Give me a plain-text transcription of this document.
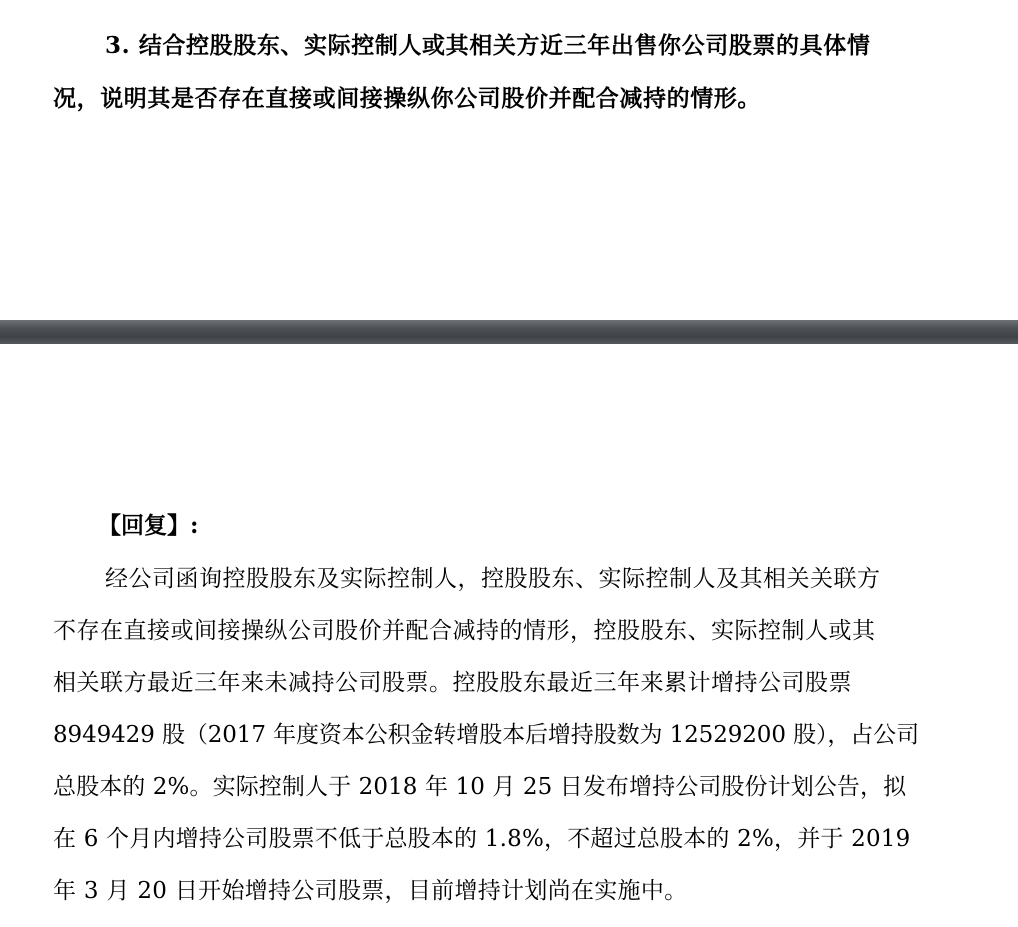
3. 结合控股股东、实际控制人或其相关方近三年出售你公司股票的具体情
况，说明其是否存在直接或间接操纵你公司股价并配合减持的情形。
【回复】:
经公司函询控股股东及实际控制人，控股股东、实际控制人及其相关关联方
不存在直接或间接操纵公司股价并配合减持的情形，控股股东、实际控制人或其
相关联方最近三年来未减持公司股票。控股股东最近三年来累计增持公司股票
8949429 股（2017 年度资本公积金转增股本后增持股数为 12529200 股），占公司
总股本的 2%。实际控制人于 2018 年 10 月 25 日发布增持公司股份计划公告，拟
在 6 个月内增持公司股票不低于总股本的 1.8%，不超过总股本的 2%，并于 2019
年 3 月 20 日开始增持公司股票，目前增持计划尚在实施中。
